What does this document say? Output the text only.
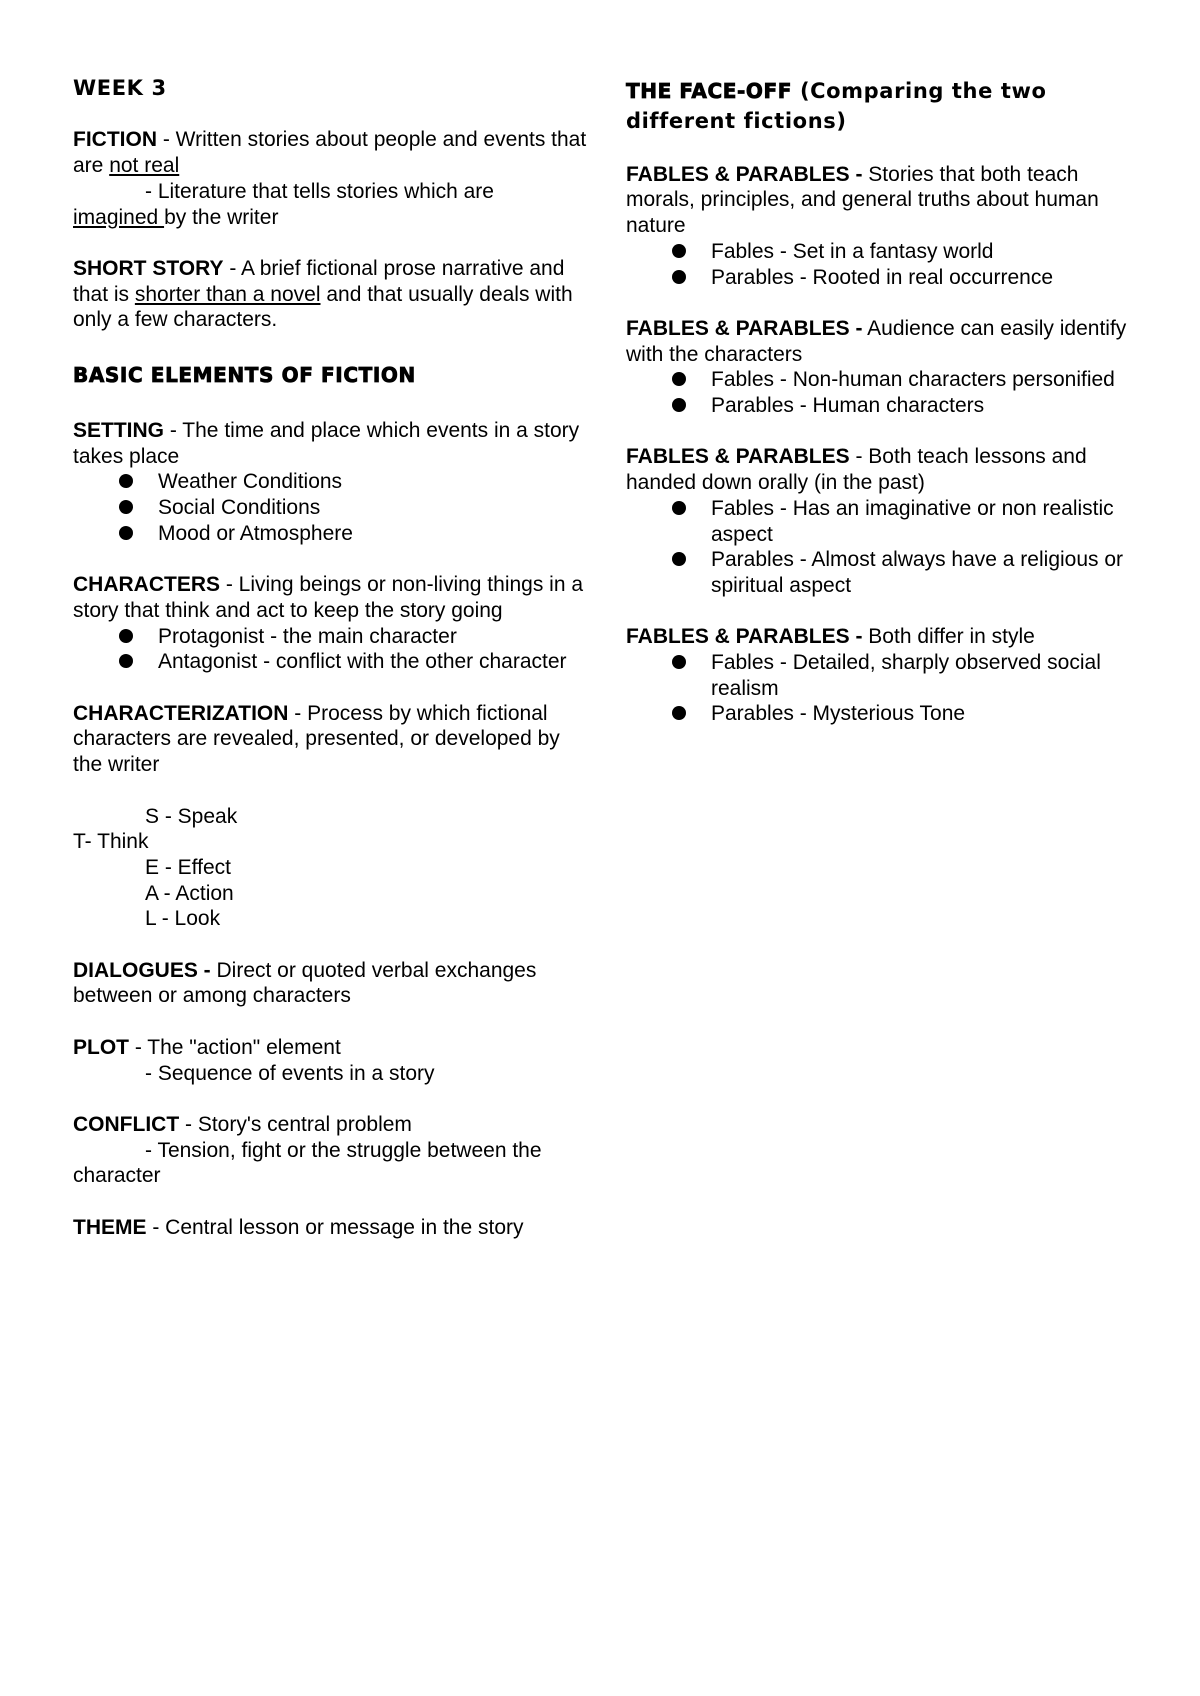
WEEK 3

FICTION - Written stories about people and events that are not real

- Literature that tells stories which are

imagined by the writer

SHORT STORY - A brief fictional prose narrative and that is shorter than a novel and that usually deals with only a few characters.

BASIC ELEMENTS OF FICTION

SETTING - The time and place which events in a story takes place

Weather Conditions
Social Conditions
Mood or Atmosphere

CHARACTERS - Living beings or non-living things in a story that think and act to keep the story going

Protagonist - the main character
Antagonist - conflict with the other character

CHARACTERIZATION - Process by which fictional characters are revealed, presented, or developed by the writer

S - Speak

T- Think

E - Effect

A - Action

L - Look

DIALOGUES - Direct or quoted verbal exchanges between or among characters

PLOT - The "action" element

- Sequence of events in a story

CONFLICT - Story's central problem

- Tension, fight or the struggle between the character

THEME - Central lesson or message in the story

THE FACE-OFF (Comparing the two different fictions)

FABLES & PARABLES - Stories that both teach morals, principles, and general truths about human nature

Fables - Set in a fantasy world
Parables - Rooted in real occurrence

FABLES & PARABLES - Audience can easily identify with the characters

Fables - Non-human characters personified
Parables - Human characters

FABLES & PARABLES - Both teach lessons and handed down orally (in the past)

Fables - Has an imaginative or non realistic aspect
Parables - Almost always have a religious or spiritual aspect

FABLES & PARABLES - Both differ in style

Fables - Detailed, sharply observed social realism
Parables - Mysterious Tone
